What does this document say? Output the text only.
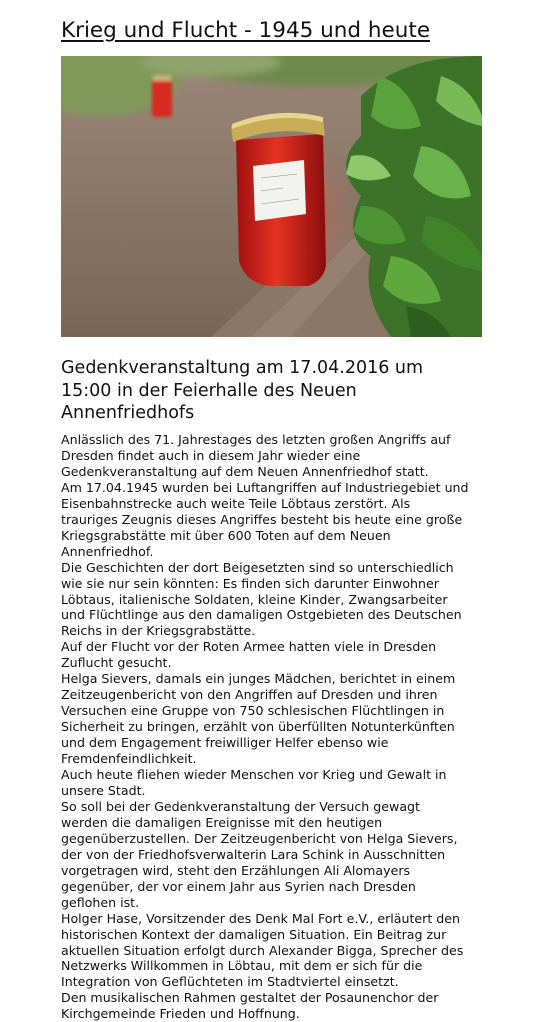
Krieg und Flucht - 1945 und heute
Gedenkveranstaltung am 17.04.2016 um
15:00 in der Feierhalle des Neuen
Annenfriedhofs

Anlässlich des 71. Jahrestages des letzten großen Angriffs auf

Dresden findet auch in diesem Jahr wieder eine

Gedenkveranstaltung auf dem Neuen Annenfriedhof statt.

Am 17.04.1945 wurden bei Luftangriffen auf Industriegebiet und

Eisenbahnstrecke auch weite Teile Löbtaus zerstört. Als

trauriges Zeugnis dieses Angriffes besteht bis heute eine große

Kriegsgrabstätte mit über 600 Toten auf dem Neuen

Annenfriedhof.

Die Geschichten der dort Beigesetzten sind so unterschiedlich

wie sie nur sein könnten: Es finden sich darunter Einwohner

Löbtaus, italienische Soldaten, kleine Kinder, Zwangsarbeiter

und Flüchtlinge aus den damaligen Ostgebieten des Deutschen

Reichs in der Kriegsgrabstätte.

Auf der Flucht vor der Roten Armee hatten viele in Dresden

Zuflucht gesucht.

Helga Sievers, damals ein junges Mädchen, berichtet in einem

Zeitzeugenbericht von den Angriffen auf Dresden und ihren

Versuchen eine Gruppe von 750 schlesischen Flüchtlingen in

Sicherheit zu bringen, erzählt von überfüllten Notunterkünften

und dem Engagement freiwilliger Helfer ebenso wie

Fremdenfeindlichkeit.

Auch heute fliehen wieder Menschen vor Krieg und Gewalt in

unsere Stadt.

So soll bei der Gedenkveranstaltung der Versuch gewagt

werden die damaligen Ereignisse mit den heutigen

gegenüberzustellen. Der Zeitzeugenbericht von Helga Sievers,

der von der Friedhofsverwalterin Lara Schink in Ausschnitten

vorgetragen wird, steht den Erzählungen Ali Alomayers

gegenüber, der vor einem Jahr aus Syrien nach Dresden

geflohen ist.

Holger Hase, Vorsitzender des Denk Mal Fort e.V., erläutert den

historischen Kontext der damaligen Situation. Ein Beitrag zur

aktuellen Situation erfolgt durch Alexander Bigga, Sprecher des

Netzwerks Willkommen in Löbtau, mit dem er sich für die

Integration von Geflüchteten im Stadtviertel einsetzt.

Den musikalischen Rahmen gestaltet der Posaunenchor der

Kirchgemeinde Frieden und Hoffnung.
